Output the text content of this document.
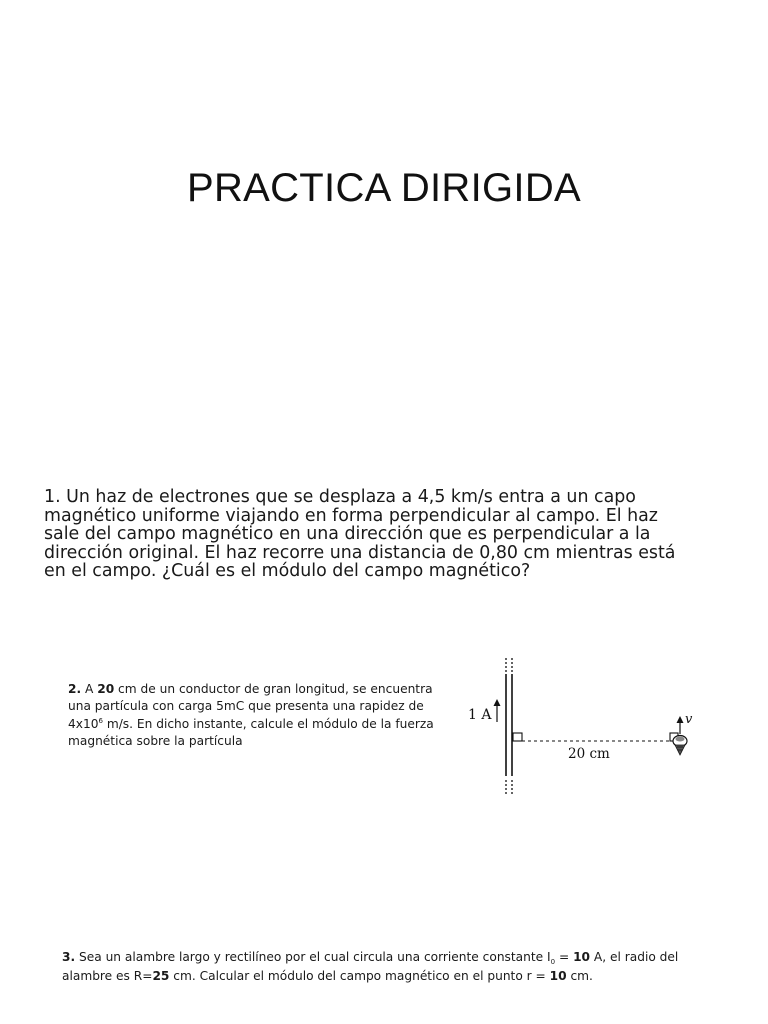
PRACTICA DIRIGIDA
1. Un haz de electrones que se desplaza a 4,5 km/s entra a un capo magnético uniforme viajando en forma perpendicular al campo. El haz sale del campo magnético en una dirección que es perpendicular a la dirección original. El haz recorre una distancia de 0,80 cm mientras está en el campo. ¿Cuál es el módulo del campo magnético?
2. A 20 cm de un conductor de gran longitud, se encuentra una partícula con carga 5mC que presenta una rapidez de $4x10^6$ m/s. En dicho instante, calcule el módulo de la fuerza magnética sobre la partícula
1 A
20 cm
v
3. Sea un alambre largo y rectilíneo por el cual circula una corriente constante $I_0 = 10$ A, el radio del alambre es R=25 cm. Calcular el módulo del campo magnético en el punto r = 10 cm.
